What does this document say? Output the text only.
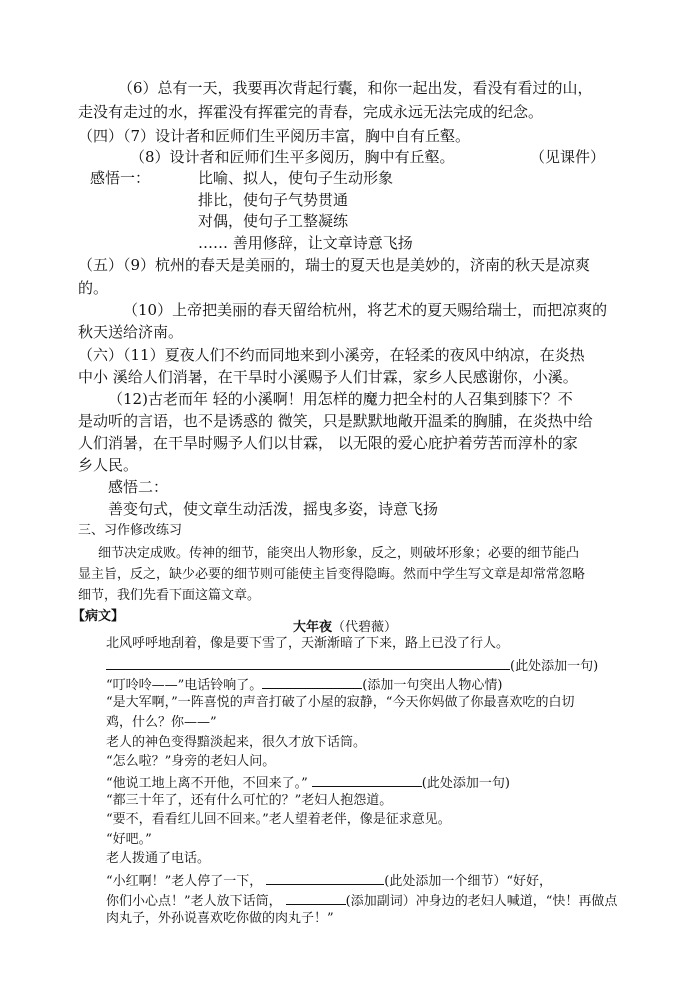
（6）总有一天，我要再次背起行囊，和你一起出发，看没有看过的山，
走没有走过的水，挥霍没有挥霍完的青春，完成永远无法完成的纪念。
（四）（7）设计者和匠师们生平阅历丰富，胸中自有丘壑。
（8）设计者和匠师们生平多阅历，胸中有丘壑。	（见课件）
感悟一：	比喻、拟人，使句子生动形象
排比，使句子气势贯通
对偶，使句子工整凝练
…… 善用修辞，让文章诗意飞扬
（五）（9）杭州的春天是美丽的，瑞士的夏天也是美妙的，济南的秋天是凉爽
的。
（10）上帝把美丽的春天留给杭州，将艺术的夏天赐给瑞士，而把凉爽的
秋天送给济南。
（六）（11）夏夜人们不约而同地来到小溪旁，在轻柔的夜风中纳凉，在炎热
中小 溪给人们消暑，在干旱时小溪赐予人们甘霖，家乡人民感谢你，小溪。
（12)古老而年 轻的小溪啊！用怎样的魔力把全村的人召集到膝下？不
是动听的言语，也不是诱惑的 微笑，只是默默地敞开温柔的胸脯，在炎热中给
人们消暑，在干旱时赐予人们以甘霖， 以无限的爱心庇护着劳苦而淳朴的家
乡人民。
感悟二：
善变句式，使文章生动活泼，摇曳多姿，诗意飞扬
三、习作修改练习
细节决定成败。传神的细节，能突出人物形象，反之，则破坏形象；必要的细节能凸
显主旨，反之，缺少必要的细节则可能使主旨变得隐晦。然而中学生写文章是却常常忽略
细节，我们先看下面这篇文章。
【病文】
大年夜（代碧薇）
北风呼呼地刮着，像是要下雪了，天渐渐暗了下来，路上已没了行人。
(此处添加一句)
“叮呤呤——”电话铃响了。	(添加一句突出人物心情)
“是大军啊，”一阵喜悦的声音打破了小屋的寂静，“今天你妈做了你最喜欢吃的白切
鸡，什么？你——”
老人的神色变得黯淡起来，很久才放下话筒。
“怎么啦？”身旁的老妇人问。
“他说工地上离不开他，不回来了。”	(此处添加一句)
“都三十年了，还有什么可忙的？”老妇人抱怨道。
“要不，看看红儿回不回来。”老人望着老伴，像是征求意见。
“好吧。”
老人拨通了电话。
“小红啊！”老人停了一下，	(此处添加一个细节）“好好，
你们小心点！”老人放下话筒，	(添加副词）冲身边的老妇人喊道，“快！再做点
肉丸子，外孙说喜欢吃你做的肉丸子！”
